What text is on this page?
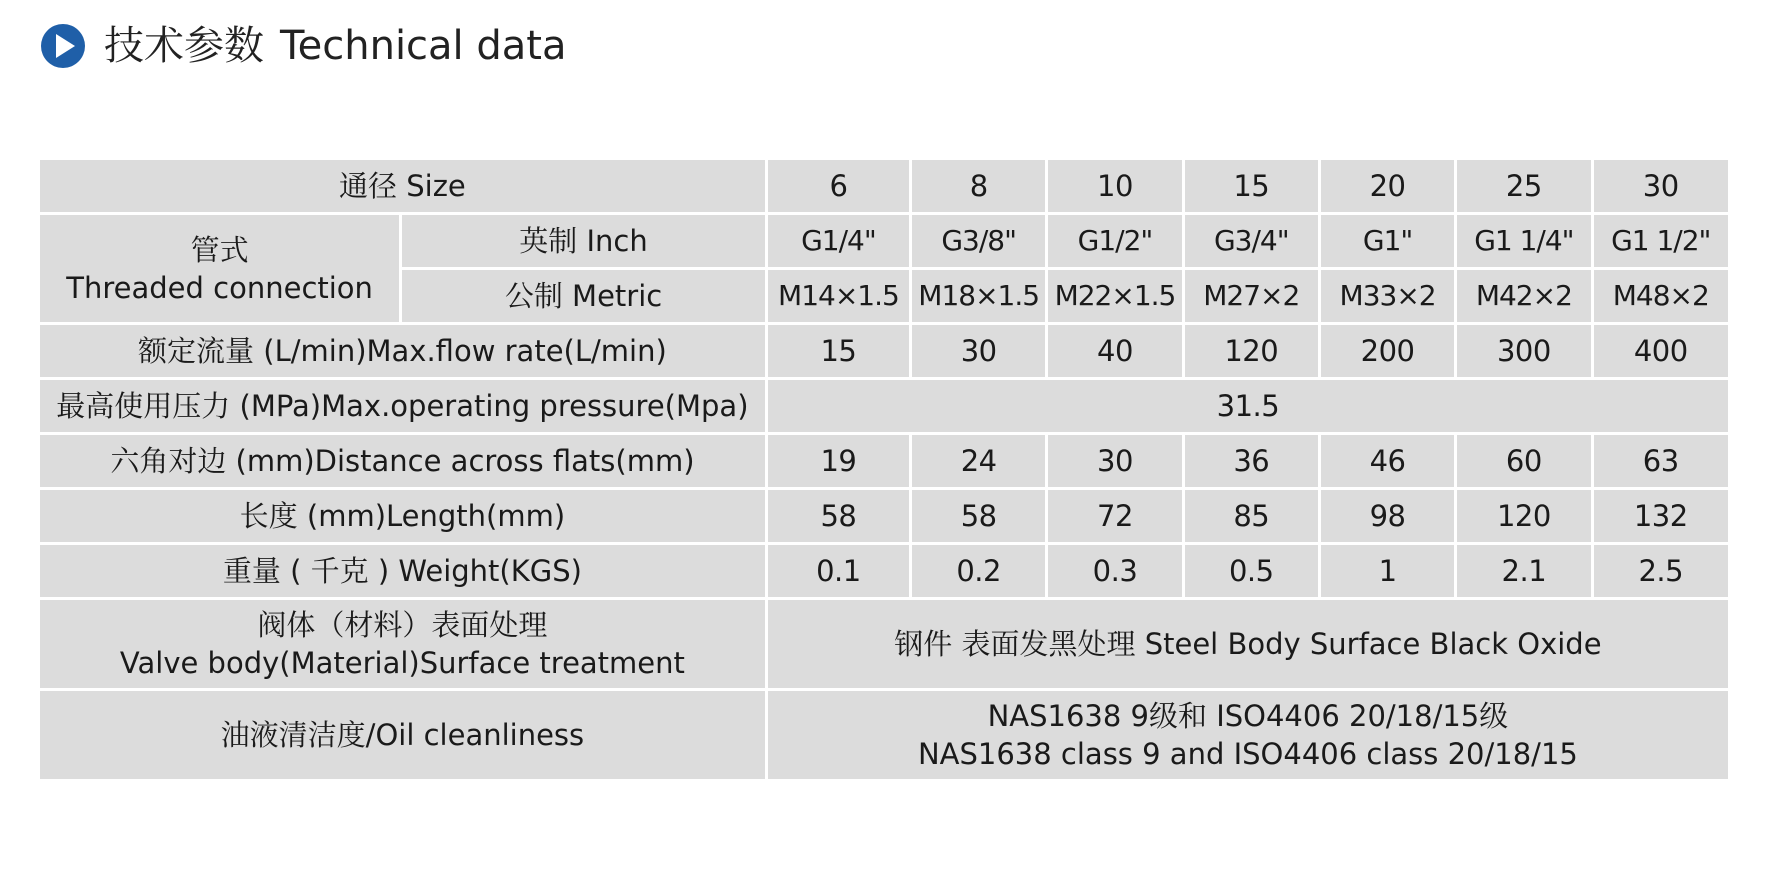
技术参数 Technical data
通径 Size		6	8	10	15	20	25	30

管式
Threaded connection	英制 Inch	G1/4"	G3/8"	G1/2"	G3/4"	G1"	G1 1/4"	G1 1/2"
	公制 Metric	M14×1.5	M18×1.5	M22×1.5	M27×2	M33×2	M42×2	M48×2
额定流量 (L/min)Max.flow rate(L/min)		15	30	40	120	200	300	400
最高使用压力 (MPa)Max.operating pressure(Mpa)		31.5						
六角对边 (mm)Distance across flats(mm)		19	24	30	36	46	60	63
长度 (mm)Length(mm)		58	58	72	85	98	120	132
重量 ( 千克 ) Weight(KGS)		0.1	0.2	0.3	0.5	1	2.1	2.5

阀体（材料）表面处理
Valve body(Material)Surface treatment		钢件 表面发黑处理 Steel Body Surface Black Oxide						
油液清洁度/Oil cleanliness		NAS1638 9级和 ISO4406 20/18/15级
NAS1638 class 9 and ISO4406 class 20/18/15						
